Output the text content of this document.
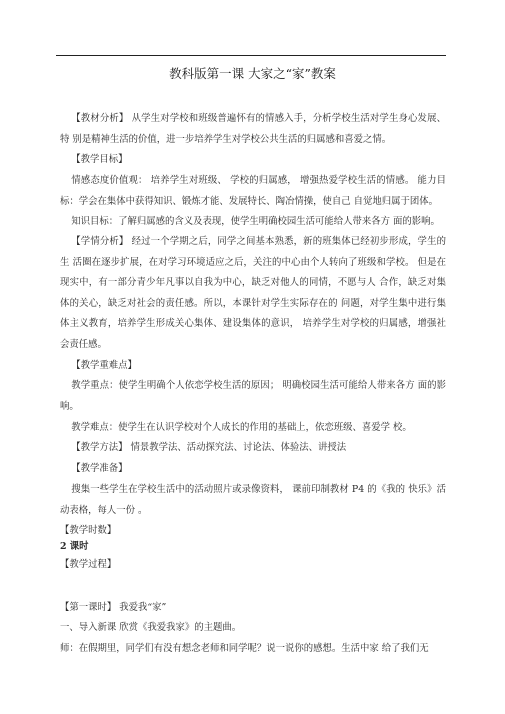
教科版第一课 大家之“家”教案

【教材分析】 从学生对学校和班级普遍怀有的情感入手，分析学校生活对学生身心发展、特 别是精神生活的价值，进一步培养学生对学校公共生活的归属感和喜爱之情。

【教学目标】

情感态度价值观： 培养学生对班级、 学校的归属感， 增强热爱学校生活的情感。 能力目标：学会在集体中获得知识、锻炼才能、发展特长、陶冶情操，使自己 自觉地归属于团体。

知识目标：了解归属感的含义及表现，使学生明确校园生活可能给人带来各方 面的影响。

【学情分析】 经过一个学期之后，同学之间基本熟悉，新的班集体已经初步形成，学生的生 活圈在逐步扩展，在对学习环境适应之后，关注的中心由个人转向了班级和学校。 但是在现实中，有一部分青少年凡事以自我为中心，缺乏对他人的同情，不愿与人 合作，缺乏对集体的关心，缺乏对社会的责任感。所以，本课针对学生实际存在的 问题，对学生集中进行集体主义教育，培养学生形成关心集体、建设集体的意识， 培养学生对学校的归属感，增强社会责任感。

【教学重难点】

教学重点：使学生明确个人依恋学校生活的原因； 明确校园生活可能给人带来各方 面的影响。

教学难点：使学生在认识学校对个人成长的作用的基础上，依恋班级、喜爱学 校。

【教学方法】 情景教学法、活动探究法、讨论法、体验法、讲授法

【教学准备】

搜集一些学生在学校生活中的活动照片或录像资料， 课前印制教材 P4 的《我的 快乐》活动表格，每人一份 。

【教学时数】

2 课时

【教学过程】

【第一课时】 我爱我“家”

一、导入新课 欣赏《我爱我家》的主题曲。

师：在假期里，同学们有没有想念老师和同学呢？说一说你的感想。生活中家 给了我们无
